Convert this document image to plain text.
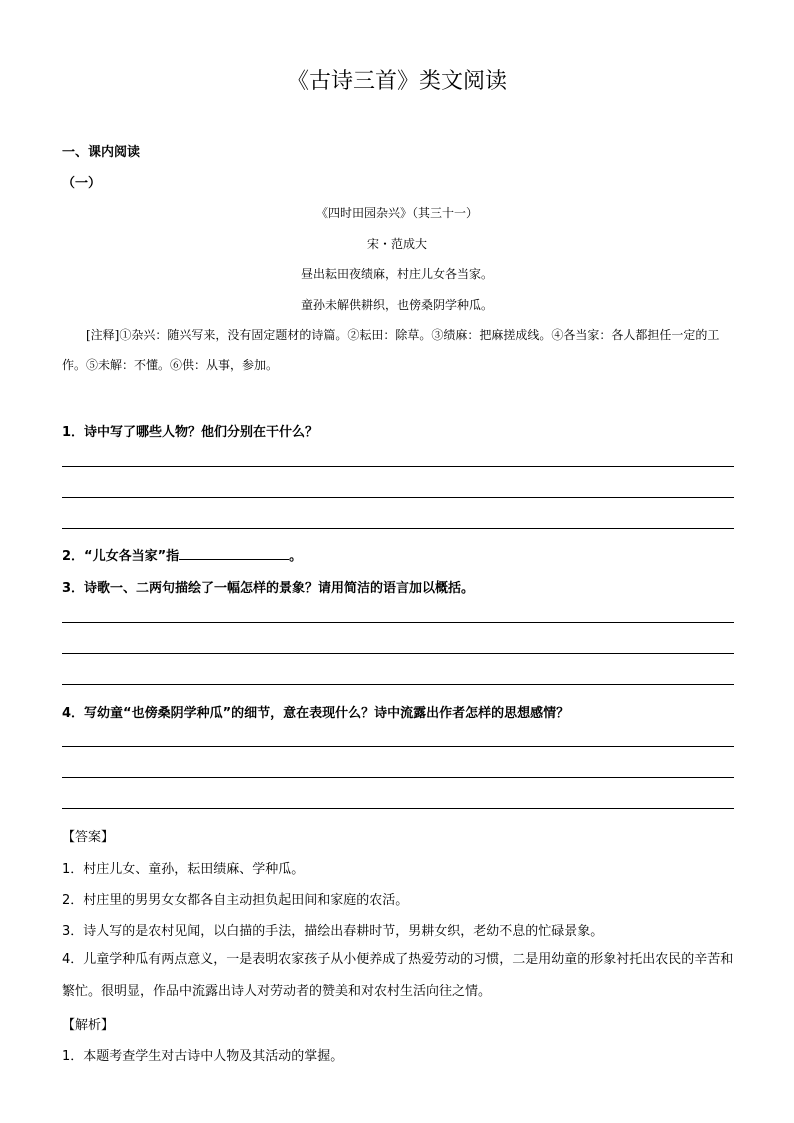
《古诗三首》类文阅读
一、课内阅读
（一）
《四时田园杂兴》（其三十一）
宋・范成大
昼出耘田夜绩麻，村庄儿女各当家。
童孙未解供耕织，也傍桑阴学种瓜。
[注释]①杂兴：随兴写来，没有固定题材的诗篇。②耘田：除草。③绩麻：把麻搓成线。④各当家：各人都担任一定的工作。⑤未解：不懂。⑥供：从事，参加。
1．诗中写了哪些人物？他们分别在干什么？
2．“儿女各当家”指	。
3．诗歌一、二两句描绘了一幅怎样的景象？请用简洁的语言加以概括。
4．写幼童“也傍桑阴学种瓜”的细节，意在表现什么？诗中流露出作者怎样的思想感情？
【答案】
1．村庄儿女、童孙，耘田绩麻、学种瓜。
2．村庄里的男男女女都各自主动担负起田间和家庭的农活。
3．诗人写的是农村见闻，以白描的手法，描绘出春耕时节，男耕女织，老幼不息的忙碌景象。
4．儿童学种瓜有两点意义，一是表明农家孩子从小便养成了热爱劳动的习惯，二是用幼童的形象衬托出农民的辛苦和繁忙。很明显，作品中流露出诗人对劳动者的赞美和对农村生活向往之情。
【解析】
1．本题考查学生对古诗中人物及其活动的掌握。
